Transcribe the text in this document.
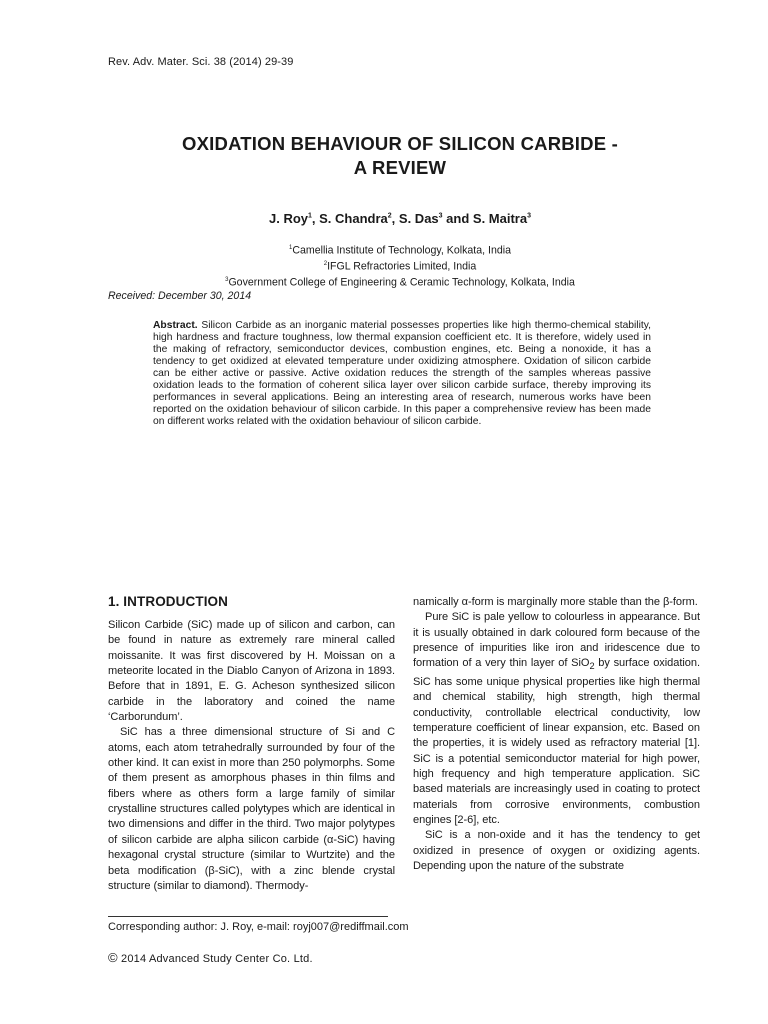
Rev. Adv. Mater. Sci. 38 (2014) 29-39
OXIDATION BEHAVIOUR OF SILICON CARBIDE -
A REVIEW
J. Roy$^1$, S. Chandra$^2$, S. Das$^3$ and S. Maitra$^3$
$^1$Camellia Institute of Technology, Kolkata, India
$^2$IFGL Refractories Limited, India
$^3$Government College of Engineering & Ceramic Technology, Kolkata, India
Received: December 30, 2014
Abstract. Silicon Carbide as an inorganic material possesses properties like high thermo-chemical stability, high hardness and fracture toughness, low thermal expansion coefficient etc. It is therefore, widely used in the making of refractory, semiconductor devices, combustion engines, etc. Being a nonoxide, it has a tendency to get oxidized at elevated temperature under oxidizing atmosphere. Oxidation of silicon carbide can be either active or passive. Active oxidation reduces the strength of the samples whereas passive oxidation leads to the formation of coherent silica layer over silicon carbide surface, thereby improving its performances in several applications. Being an interesting area of research, numerous works have been reported on the oxidation behaviour of silicon carbide. In this paper a comprehensive review has been made on different works related with the oxidation behaviour of silicon carbide.
1. INTRODUCTION

Silicon Carbide (SiC) made up of silicon and carbon, can be found in nature as extremely rare mineral called moissanite. It was first discovered by H. Moissan on a meteorite located in the Diablo Canyon of Arizona in 1893. Before that in 1891, E. G. Acheson synthesized silicon carbide in the laboratory and coined the name ‘Carborundum’.

SiC has a three dimensional structure of Si and C atoms, each atom tetrahedrally surrounded by four of the other kind. It can exist in more than 250 polymorphs. Some of them present as amorphous phases in thin films and fibers where as others form a large family of similar crystalline structures called polytypes which are identical in two dimensions and differ in the third. Two major polytypes of silicon carbide are alpha silicon carbide (α-SiC) having hexagonal crystal structure (similar to Wurtzite) and the beta modification (β-SiC), with a zinc blende crystal structure (similar to diamond). Thermody-

namically α-form is marginally more stable than the β-form.

Pure SiC is pale yellow to colourless in appearance. But it is usually obtained in dark coloured form because of the presence of impurities like iron and iridescence due to formation of a very thin layer of SiO$_2$ by surface oxidation. SiC has some unique physical properties like high thermal and chemical stability, high strength, high thermal conductivity, controllable electrical conductivity, low temperature coefficient of linear expansion, etc. Based on the properties, it is widely used as refractory material [1]. SiC is a potential semiconductor material for high power, high frequency and high temperature application. SiC based materials are increasingly used in coating to protect materials from corrosive environments, combustion engines [2-6], etc.

SiC is a non-oxide and it has the tendency to get oxidized in presence of oxygen or oxidizing agents. Depending upon the nature of the substrate

Corresponding author: J. Roy, e-mail: royj007@rediffmail.com
© 2014 Advanced Study Center Co. Ltd.
